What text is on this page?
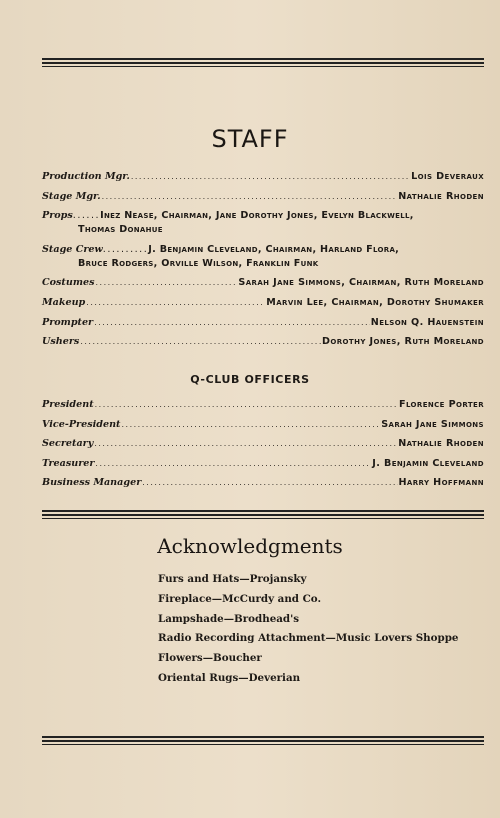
STAFF
Production Mgr. .....	Lois Deveraux
Stage Mgr. .....	Nathalie Rhoden
Props......Inez Nease, Chairman, Jane Dorothy Jones, Evelyn Blackwell,
Thomas Donahue
Stage Crew..........J. Benjamin Cleveland, Chairman, Harland Flora,
Bruce Rodgers, Orville Wilson, Franklin Funk
Costumes .....	Sarah Jane Simmons, Chairman, Ruth Moreland
Makeup .....	Marvin Lee, Chairman, Dorothy Shumaker
Prompter .....	Nelson Q. Hauenstein
Ushers .....	Dorothy Jones, Ruth Moreland
Q-CLUB OFFICERS
President .....	Florence Porter
Vice-President .....	Sarah Jane Simmons
Secretary .....	Nathalie Rhoden
Treasurer .....	J. Benjamin Cleveland
Business Manager .....	Harry Hoffmann
Acknowledgments
Furs and Hats—Projansky
Fireplace—McCurdy and Co.
Lampshade—Brodhead's
Radio Recording Attachment—Music Lovers Shoppe
Flowers—Boucher
Oriental Rugs—Deverian
